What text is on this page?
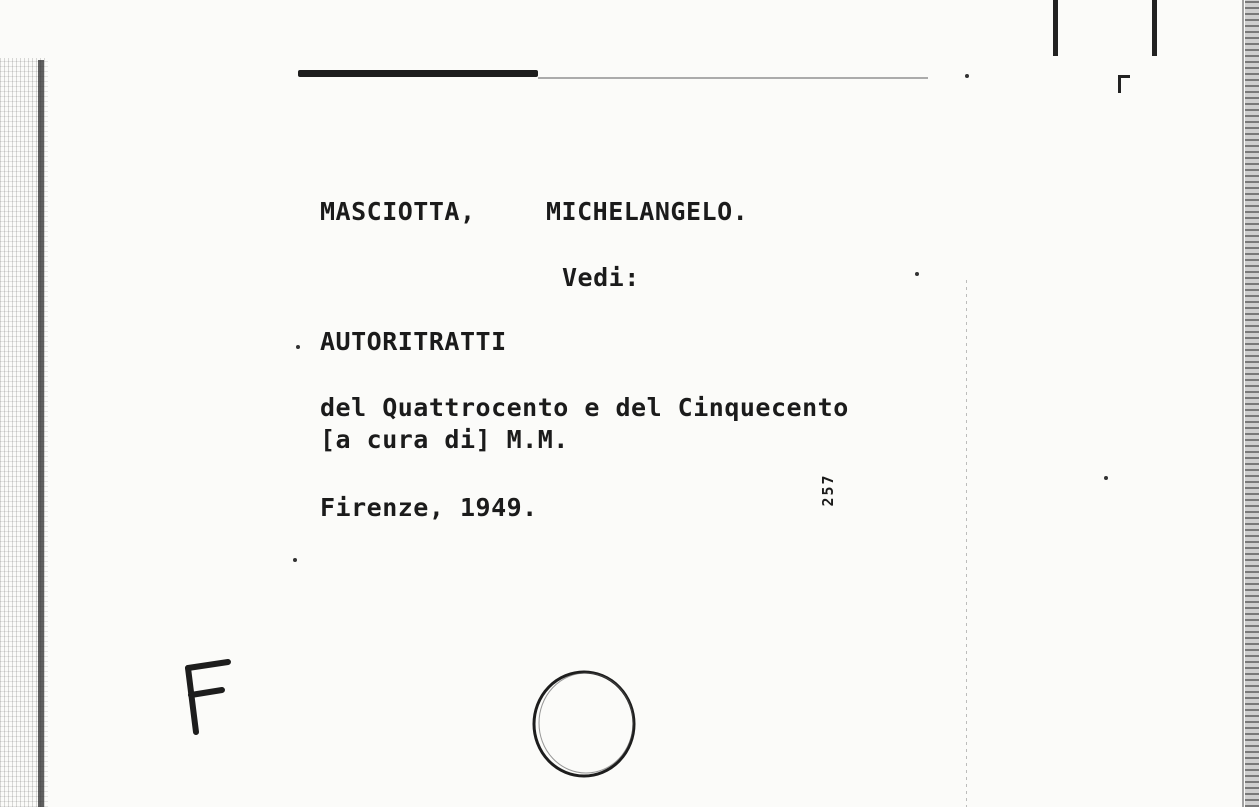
MASCIOTTA,	MICHELANGELO.
Vedi:
AUTORITRATTI
del Quattrocento e del Cinquecento
[a cura di] M.M.
Firenze, 1949.
257
